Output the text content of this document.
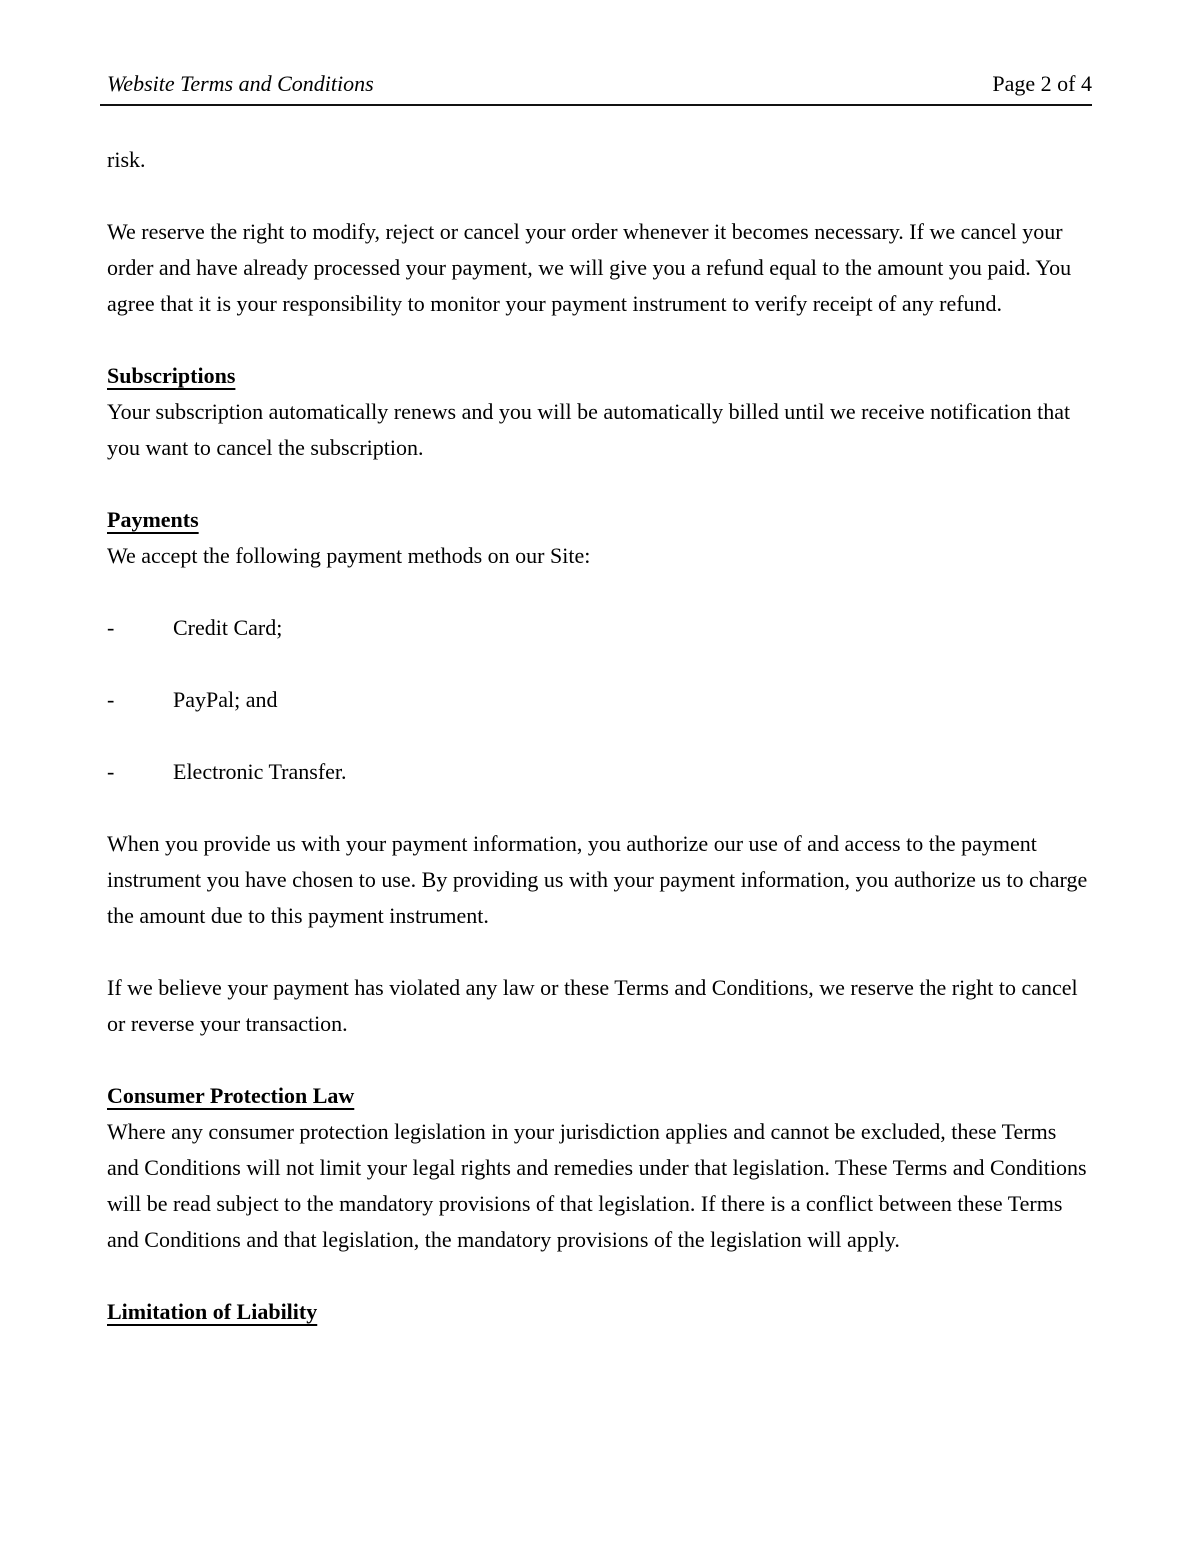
Website Terms and Conditions	Page 2 of 4

risk.

We reserve the right to modify, reject or cancel your order whenever it becomes necessary. If we cancel your order and have already processed your payment, we will give you a refund equal to the amount you paid. You agree that it is your responsibility to monitor your payment instrument to verify receipt of any refund.

Subscriptions

Your subscription automatically renews and you will be automatically billed until we receive notification that you want to cancel the subscription.

Payments

We accept the following payment methods on our Site:

-	Credit Card;
-	PayPal; and
-	Electronic Transfer.

When you provide us with your payment information, you authorize our use of and access to the payment instrument you have chosen to use. By providing us with your payment information, you authorize us to charge the amount due to this payment instrument.

If we believe your payment has violated any law or these Terms and Conditions, we reserve the right to cancel or reverse your transaction.

Consumer Protection Law

Where any consumer protection legislation in your jurisdiction applies and cannot be excluded, these Terms and Conditions will not limit your legal rights and remedies under that legislation. These Terms and Conditions will be read subject to the mandatory provisions of that legislation. If there is a conflict between these Terms and Conditions and that legislation, the mandatory provisions of the legislation will apply.

Limitation of Liability
